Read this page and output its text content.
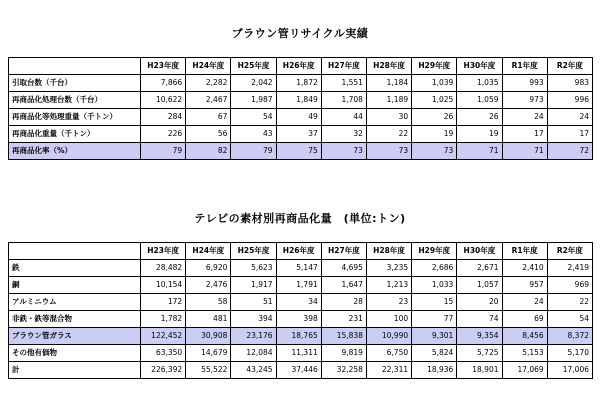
ブラウン管リサイクル実績
	H23年度	H24年度	H25年度	H26年度	H27年度	H28年度	H29年度	H30年度	R1年度	R2年度
引取台数（千台）	7,866	2,282	2,042	1,872	1,551	1,184	1,039	1,035	993	983
再商品化処理台数（千台）	10,622	2,467	1,987	1,849	1,708	1,189	1,025	1,059	973	996
再商品化等処理重量（千トン）	284	67	54	49	44	30	26	26	24	24
再商品化重量（千トン）	226	56	43	37	32	22	19	19	17	17
再商品化率（%）	79	82	79	75	73	73	73	71	71	72
テレビの素材別再商品化量　(単位:トン)
	H23年度	H24年度	H25年度	H26年度	H27年度	H28年度	H29年度	H30年度	R1年度	R2年度
鉄	28,482	6,920	5,623	5,147	4,695	3,235	2,686	2,671	2,410	2,419
銅	10,154	2,476	1,917	1,791	1,647	1,213	1,033	1,057	957	969
アルミニウム	172	58	51	34	28	23	15	20	24	22
非鉄・鉄等混合物	1,782	481	394	398	231	100	77	74	69	54
ブラウン管ガラス	122,452	30,908	23,176	18,765	15,838	10,990	9,301	9,354	8,456	8,372
その他有価物	63,350	14,679	12,084	11,311	9,819	6,750	5,824	5,725	5,153	5,170
計	226,392	55,522	43,245	37,446	32,258	22,311	18,936	18,901	17,069	17,006
